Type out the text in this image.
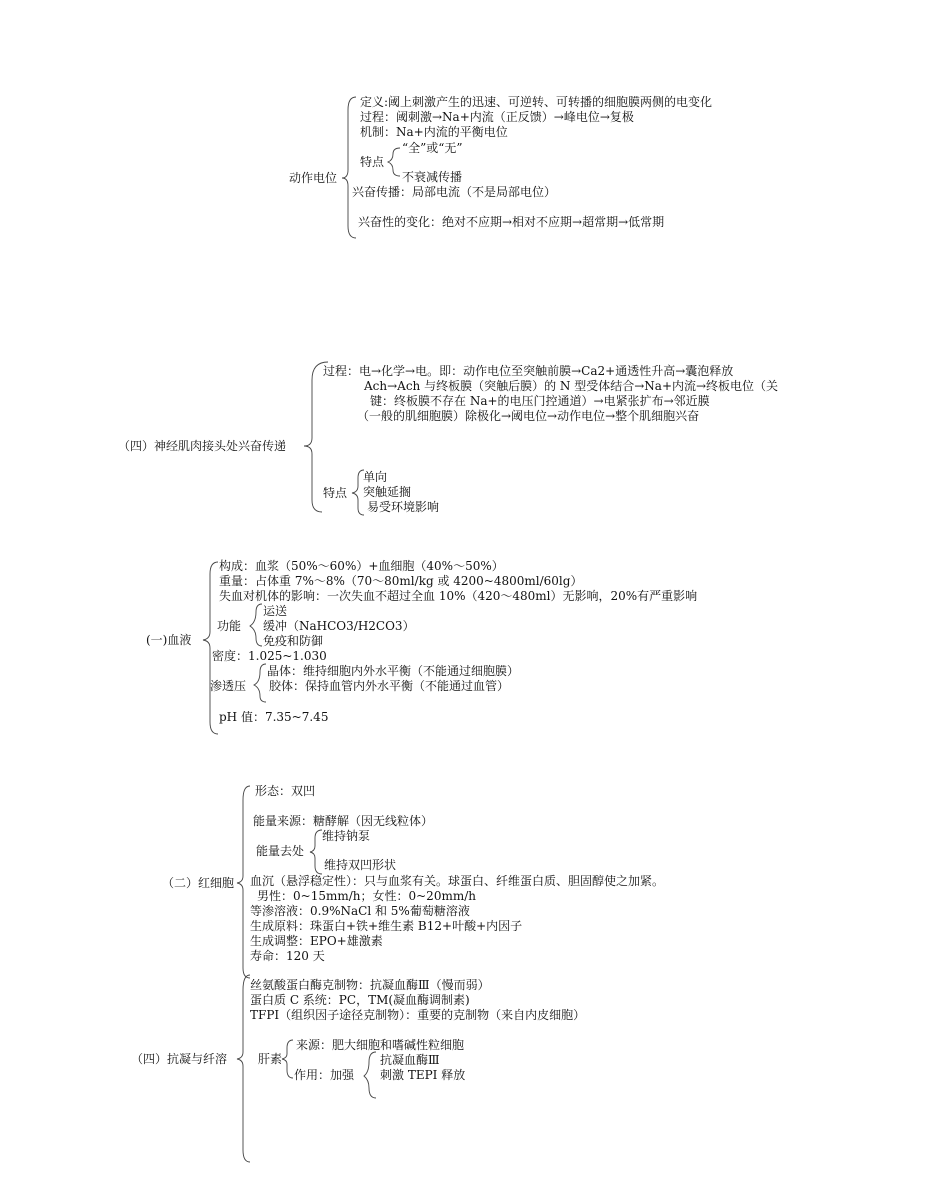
动作电位
定义:阈上刺激产生的迅速、可逆转、可转播的细胞膜两侧的电变化
过程：阈刺激→Na+内流（正反馈）→峰电位→复极
机制：Na+内流的平衡电位
特点
“全”或“无”
不衰减传播
兴奋传播：局部电流（不是局部电位）
兴奋性的变化：绝对不应期→相对不应期→超常期→低常期
（四）神经肌肉接头处兴奋传递
过程：电→化学→电。即：动作电位至突触前膜→Ca2+通透性升高→囊泡释放
Ach→Ach 与终板膜（突触后膜）的 N 型受体结合→Na+内流→终板电位（关
键：终板膜不存在 Na+的电压门控通道）→电紧张扩布→邻近膜
（一般的肌细胞膜）除极化→阈电位→动作电位→整个肌细胞兴奋
特点
单向
突触延搁
易受环境影响
(一)血液
构成：血浆（50%～60%）+血细胞（40%～50%）
重量：占体重 7%～8%（70～80ml/kg 或 4200~4800ml/60lg）
失血对机体的影响：一次失血不超过全血 10%（420～480ml）无影响，20%有严重影响
功能
运送
缓冲（NaHCO3/H2CO3）
免疫和防御
密度：1.025~1.030
渗透压
晶体：维持细胞内外水平衡（不能通过细胞膜）
胶体：保持血管内外水平衡（不能通过血管）
pH 值：7.35~7.45
（二）红细胞
形态：双凹
能量来源：糖酵解（因无线粒体）
能量去处
维持钠泵
维持双凹形状
血沉（悬浮稳定性）：只与血浆有关。球蛋白、纤维蛋白质、胆固醇使之加紧。
男性：0~15mm/h；女性：0~20mm/h
等渗溶液：0.9%NaCl 和 5%葡萄糖溶液
生成原料：珠蛋白+铁+维生素 B12+叶酸+内因子
生成调整：EPO+雄激素
寿命：120 天
（四）抗凝与纤溶
丝氨酸蛋白酶克制物：抗凝血酶Ⅲ（慢而弱）
蛋白质 C 系统：PC，TM(凝血酶调制素)
TFPI（组织因子途径克制物）：重要的克制物（来自内皮细胞）
肝素
来源：肥大细胞和嗜碱性粒细胞
作用：加强
抗凝血酶Ⅲ
刺激 TEPI 释放
